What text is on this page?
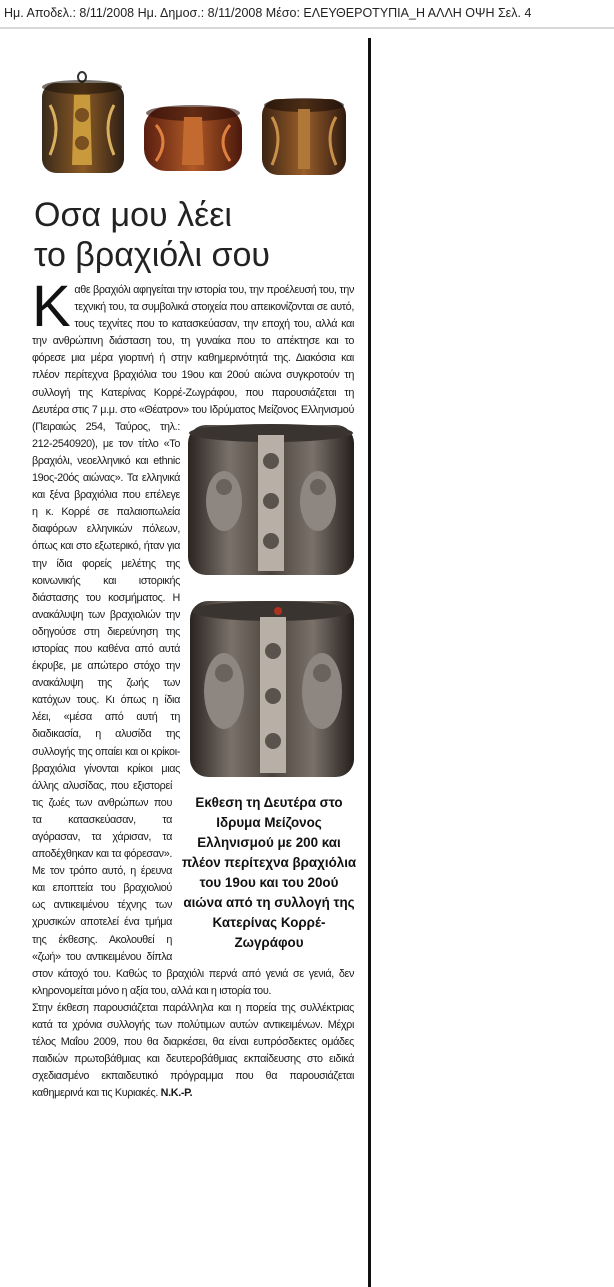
Ημ. Αποδελ.: 8/11/2008 Ημ. Δημοσ.: 8/11/2008 Μέσο: ΕΛΕΥΘΕΡΟΤΥΠΙΑ_Η ΑΛΛΗ ΟΨΗ Σελ. 4
Οσα μου λέει
το βραχιόλι σου
Κ αθε βραχιόλι αφηγείται την ιστορία του, την προέλευσή του, την τεχνική του, τα συμβολικά στοιχεία που απεικονίζονται σε αυτό, τους τεχνίτες που το κατασκεύασαν, την εποχή του, αλλά και την ανθρώπινη διάσταση του, τη γυναίκα που το απέκτησε και το φόρεσε μια μέρα γιορτινή ή στην καθημερινότητά της. Διακόσια και πλέον περίτεχνα βραχιόλια του 19ου και 20ού αιώνα συγκροτούν τη συλλογή της Κατερίνας Κορρέ-Ζωγράφου, που παρουσιάζεται τη Δευτέρα στις 7 μ.μ. στο «Θέατρον» του Ιδρύματος Μείζονος Ελληνισμού
(Πειραιώς 254, Ταύρος, τηλ.: 212-2540920), με τον τίτλο «Το βραχιόλι, νεοελληνικό και ethnic 19ος-20ός αιώνας». Τα ελληνικά και ξένα βραχιόλια που επέλεγε η κ. Κορρέ σε παλαιοπωλεία διαφόρων ελληνικών πόλεων, όπως και στο εξωτερικό, ήταν για την ίδια φορείς μελέτης της κοινωνικής και ιστορικής διάστασης του κοσμήματος. Η ανακάλυψη των βραχιολιών την οδηγούσε στη διερεύνηση της ιστορίας που καθένα από αυτά έκρυβε, με απώτερο στόχο την ανακάλυψη της ζωής των κατόχων τους.
Εκθεση τη Δευτέρα στο Ιδρυμα Μείζονος Ελληνισμού με 200 και πλέον περίτεχνα βραχιόλια του 19ου και του 20ού αιώνα από τη συλλογή της Κατερίνας Κορρέ-Ζωγράφου
Κι όπως η ίδια λέει, «μέσα από αυτή τη διαδικασία, η αλυσίδα της συλλογής της οπαίει και οι κρίκοι-βραχιόλια γίνονται κρίκοι μιας άλλης αλυσίδας, που εξιστορεί τις ζωές των ανθρώπων που τα κατασκεύασαν, τα αγόρασαν, τα χάρισαν, τα αποδέχθηκαν και τα φόρεσαν». Με τον τρόπο αυτό, η έρευνα και εποπτεία του βραχιολιού ως αντικειμένου τέχνης των χρυσικών αποτελεί ένα τμήμα της έκθεσης. Ακολουθεί η «ζωή» του αντικειμένου δίπλα στον κάτοχό του. Καθώς το βραχιόλι περνά από γενιά σε γενιά, δεν κληρονομείται μόνο η αξία του, αλλά και η ιστορία του.
Στην έκθεση παρουσιάζεται παράλληλα και η πορεία της συλλέκτριας κατά τα χρόνια συλλογής των πολύτιμων αυτών αντικειμένων. Μέχρι τέλος Μαΐου 2009, που θα διαρκέσει, θα είναι ευπρόσδεκτες ομάδες παιδιών πρωτοβάθμιας και δευτεροβάθμιας εκπαίδευσης στο ειδικά σχεδιασμένο εκπαιδευτικό πρόγραμμα που θα παρουσιάζεται καθημερινά και τις Κυριακές. Ν.Κ.-Ρ.
